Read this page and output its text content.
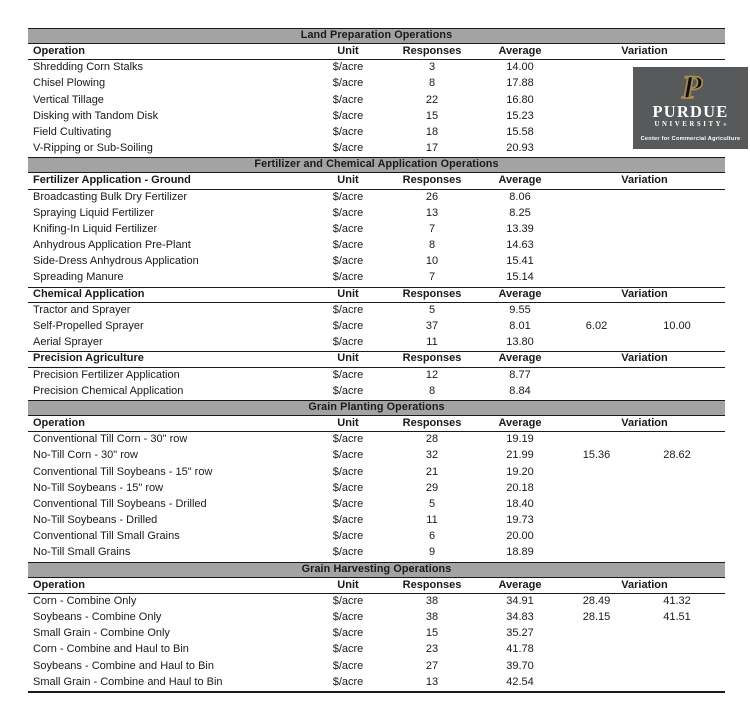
Land Preparation Operations
Operation	Unit	Responses	Average	Variation
Shredding Corn Stalks	$/acre	3	14.00
Chisel Plowing	$/acre	8	17.88
Vertical Tillage	$/acre	22	16.80
Disking with Tandom Disk	$/acre	15	15.23
Field Cultivating	$/acre	18	15.58
V-Ripping or Sub-Soiling	$/acre	17	20.93
Fertilizer and Chemical Application Operations
Fertilizer Application - Ground	Unit	Responses	Average	Variation
Broadcasting Bulk Dry Fertilizer	$/acre	26	8.06
Spraying Liquid Fertilizer	$/acre	13	8.25
Knifing-In Liquid Fertilizer	$/acre	7	13.39
Anhydrous Application Pre-Plant	$/acre	8	14.63
Side-Dress Anhydrous Application	$/acre	10	15.41
Spreading Manure	$/acre	7	15.14
Chemical Application	Unit	Responses	Average	Variation
Tractor and Sprayer	$/acre	5	9.55
Self-Propelled Sprayer	$/acre	37	8.01	6.02	10.00
Aerial Sprayer	$/acre	11	13.80
Precision Agriculture	Unit	Responses	Average	Variation
Precision Fertilizer Application	$/acre	12	8.77
Precision Chemical Application	$/acre	8	8.84
Grain Planting Operations
Operation	Unit	Responses	Average	Variation
Conventional Till Corn - 30" row	$/acre	28	19.19
No-Till Corn - 30" row	$/acre	32	21.99	15.36	28.62
Conventional Till Soybeans - 15" row	$/acre	21	19.20
No-Till Soybeans - 15" row	$/acre	29	20.18
Conventional Till Soybeans - Drilled	$/acre	5	18.40
No-Till Soybeans - Drilled	$/acre	11	19.73
Conventional Till Small Grains	$/acre	6	20.00
No-Till Small Grains	$/acre	9	18.89
Grain Harvesting Operations
Operation	Unit	Responses	Average	Variation
Corn - Combine Only	$/acre	38	34.91	28.49	41.32
Soybeans - Combine Only	$/acre	38	34.83	28.15	41.51
Small Grain - Combine Only	$/acre	15	35.27
Corn - Combine and Haul to Bin	$/acre	23	41.78
Soybeans - Combine and Haul to Bin	$/acre	27	39.70
Small Grain - Combine and Haul to Bin	$/acre	13	42.54
P
PURDUE
UNIVERSITY®
Center for Commercial Agriculture
